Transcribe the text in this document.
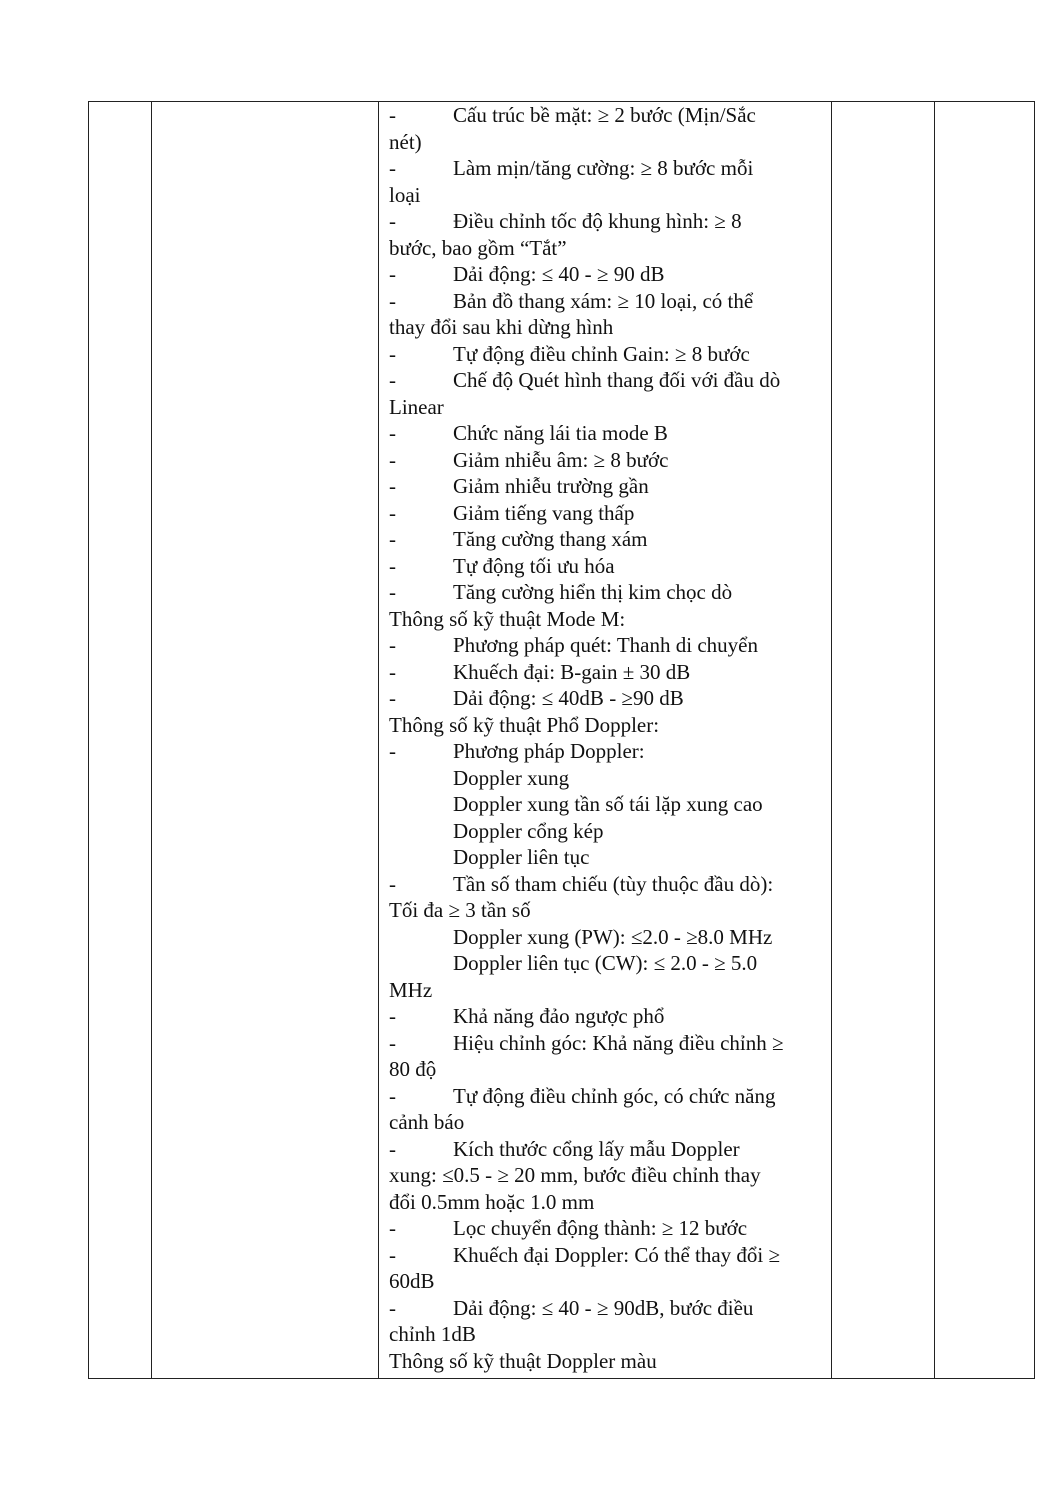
-	Cấu trúc bề mặt: ≥ 2 bước (Mịn/Sắc
nét)
-	Làm mịn/tăng cường: ≥ 8 bước mỗi
loại
-	Điều chỉnh tốc độ khung hình: ≥ 8
bước, bao gồm “Tắt”
-	Dải động: ≤ 40 - ≥ 90 dB
-	Bản đồ thang xám: ≥ 10 loại, có thể
thay đổi sau khi dừng hình
-	Tự động điều chỉnh Gain: ≥ 8 bước
-	Chế độ Quét hình thang đối với đầu dò
Linear
-	Chức năng lái tia mode B
-	Giảm nhiễu âm: ≥ 8 bước
-	Giảm nhiễu trường gần
-	Giảm tiếng vang thấp
-	Tăng cường thang xám
-	Tự động tối ưu hóa
-	Tăng cường hiển thị kim chọc dò
Thông số kỹ thuật Mode M:
-	Phương pháp quét: Thanh di chuyển
-	Khuếch đại: B-gain ± 30 dB
-	Dải động: ≤ 40dB - ≥90 dB
Thông số kỹ thuật Phổ Doppler:
-	Phương pháp Doppler:
Doppler xung
Doppler xung tần số tái lặp xung cao
Doppler cổng kép
Doppler liên tục
-	Tần số tham chiếu (tùy thuộc đầu dò):
Tối đa ≥ 3 tần số
Doppler xung (PW): ≤2.0 - ≥8.0 MHz
Doppler liên tục (CW): ≤ 2.0 - ≥ 5.0
MHz
-	Khả năng đảo ngược phổ
-	Hiệu chỉnh góc: Khả năng điều chỉnh ≥
80 độ
-	Tự động điều chỉnh góc, có chức năng
cảnh báo
-	Kích thước cổng lấy mẫu Doppler
xung: ≤0.5 - ≥ 20 mm, bước điều chỉnh thay
đổi 0.5mm hoặc 1.0 mm
-	Lọc chuyển động thành: ≥ 12 bước
-	Khuếch đại Doppler: Có thể thay đổi ≥
60dB
-	Dải động: ≤ 40 - ≥ 90dB, bước điều
chỉnh 1dB
Thông số kỹ thuật Doppler màu
